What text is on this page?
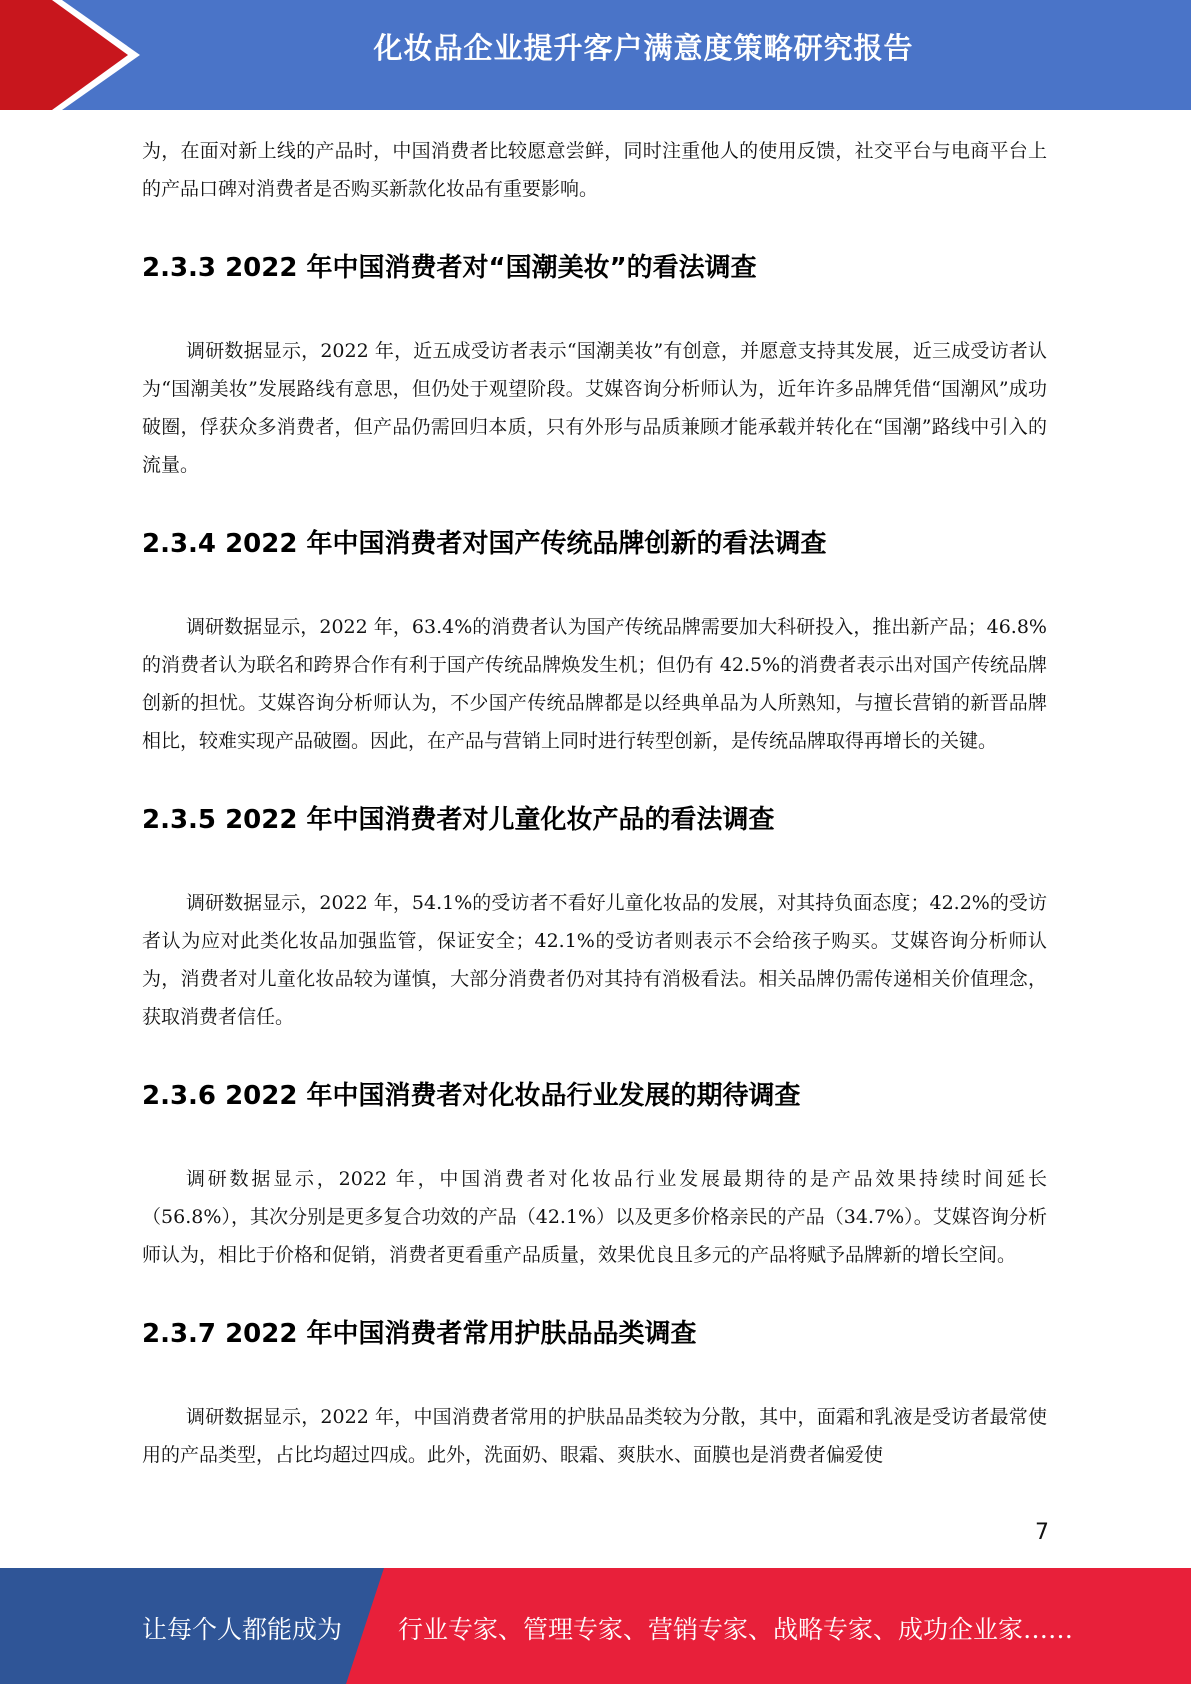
化妆品企业提升客户满意度策略研究报告

为，在面对新上线的产品时，中国消费者比较愿意尝鲜，同时注重他人的使用反馈，社交平台与电商平台上的产品口碑对消费者是否购买新款化妆品有重要影响。

2.3.3 2022 年中国消费者对“国潮美妆”的看法调查

调研数据显示，2022 年，近五成受访者表示“国潮美妆”有创意，并愿意支持其发展，近三成受访者认为“国潮美妆”发展路线有意思，但仍处于观望阶段。艾媒咨询分析师认为，近年许多品牌凭借“国潮风”成功破圈，俘获众多消费者，但产品仍需回归本质，只有外形与品质兼顾才能承载并转化在“国潮”路线中引入的流量。

2.3.4 2022 年中国消费者对国产传统品牌创新的看法调查

调研数据显示，2022 年，63.4%的消费者认为国产传统品牌需要加大科研投入，推出新产品；46.8%的消费者认为联名和跨界合作有利于国产传统品牌焕发生机；但仍有 42.5%的消费者表示出对国产传统品牌创新的担忧。艾媒咨询分析师认为，不少国产传统品牌都是以经典单品为人所熟知，与擅长营销的新晋品牌相比，较难实现产品破圈。因此，在产品与营销上同时进行转型创新，是传统品牌取得再增长的关键。

2.3.5 2022 年中国消费者对儿童化妆产品的看法调查

调研数据显示，2022 年，54.1%的受访者不看好儿童化妆品的发展，对其持负面态度；42.2%的受访者认为应对此类化妆品加强监管，保证安全；42.1%的受访者则表示不会给孩子购买。艾媒咨询分析师认为，消费者对儿童化妆品较为谨慎，大部分消费者仍对其持有消极看法。相关品牌仍需传递相关价值理念，获取消费者信任。

2.3.6 2022 年中国消费者对化妆品行业发展的期待调查

调研数据显示，2022 年，中国消费者对化妆品行业发展最期待的是产品效果持续时间延长（56.8%），其次分别是更多复合功效的产品（42.1%）以及更多价格亲民的产品（34.7%）。艾媒咨询分析师认为，相比于价格和促销，消费者更看重产品质量，效果优良且多元的产品将赋予品牌新的增长空间。

2.3.7 2022 年中国消费者常用护肤品品类调查

调研数据显示，2022 年，中国消费者常用的护肤品品类较为分散，其中，面霜和乳液是受访者最常使用的产品类型，占比均超过四成。此外，洗面奶、眼霜、爽肤水、面膜也是消费者偏爱使

7
让每个人都能成为 行业专家、管理专家、营销专家、战略专家、成功企业家……
